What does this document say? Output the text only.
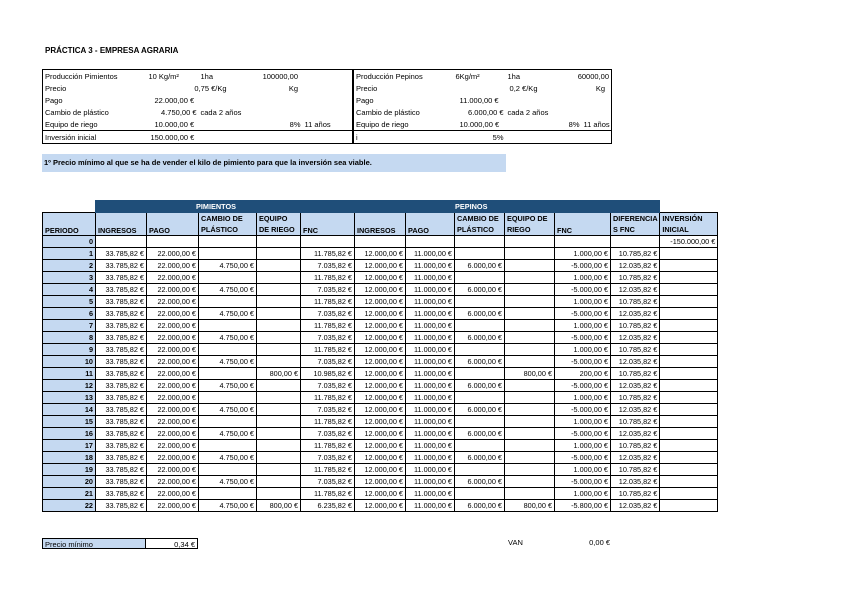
PRÁCTICA 3 - EMPRESA AGRARIA
Producción Pimientos	10 Kg/m²	1ha	100000,00	
Precio	0,75 €/Kg		Kg	
Pago	22.000,00 €			
Cambio de plástico	4.750,00 €	cada 2 años		
Equipo de riego	10.000,00 €		8%	11 años
Inversión inicial	150.000,00 €			
Producción Pepinos	6Kg/m²	1ha	60000,00	
Precio	0,2 €/Kg		Kg	
Pago	11.000,00 €			
Cambio de plástico	6.000,00 €	cada 2 años		
Equipo de riego	10.000,00 €		8%	11 años
i	5%			
1º Precio mínimo al que se ha de vender el kilo de pimiento para que la inversión sea viable.
	PIMIENTOS					PEPINOS						
PERIODO	INGRESOS	PAGO	CAMBIO DE PLÁSTICO	EQUIPO DE RIEGO	FNC	INGRESOS	PAGO	CAMBIO DE PLÁSTICO	EQUIPO DE RIEGO	FNC	DIFERENCIA S FNC	INVERSIÓN INICIAL

0												-150.000,00 €
1	33.785,82 €	22.000,00 €			11.785,82 €	12.000,00 €	11.000,00 €			1.000,00 €	10.785,82 €	
2	33.785,82 €	22.000,00 €	4.750,00 €		7.035,82 €	12.000,00 €	11.000,00 €	6.000,00 €		-5.000,00 €	12.035,82 €	
3	33.785,82 €	22.000,00 €			11.785,82 €	12.000,00 €	11.000,00 €			1.000,00 €	10.785,82 €	
4	33.785,82 €	22.000,00 €	4.750,00 €		7.035,82 €	12.000,00 €	11.000,00 €	6.000,00 €		-5.000,00 €	12.035,82 €	
5	33.785,82 €	22.000,00 €			11.785,82 €	12.000,00 €	11.000,00 €			1.000,00 €	10.785,82 €	
6	33.785,82 €	22.000,00 €	4.750,00 €		7.035,82 €	12.000,00 €	11.000,00 €	6.000,00 €		-5.000,00 €	12.035,82 €	
7	33.785,82 €	22.000,00 €			11.785,82 €	12.000,00 €	11.000,00 €			1.000,00 €	10.785,82 €	
8	33.785,82 €	22.000,00 €	4.750,00 €		7.035,82 €	12.000,00 €	11.000,00 €	6.000,00 €		-5.000,00 €	12.035,82 €	
9	33.785,82 €	22.000,00 €			11.785,82 €	12.000,00 €	11.000,00 €			1.000,00 €	10.785,82 €	
10	33.785,82 €	22.000,00 €	4.750,00 €		7.035,82 €	12.000,00 €	11.000,00 €	6.000,00 €		-5.000,00 €	12.035,82 €	
11	33.785,82 €	22.000,00 €		800,00 €	10.985,82 €	12.000,00 €	11.000,00 €		800,00 €	200,00 €	10.785,82 €	
12	33.785,82 €	22.000,00 €	4.750,00 €		7.035,82 €	12.000,00 €	11.000,00 €	6.000,00 €		-5.000,00 €	12.035,82 €	
13	33.785,82 €	22.000,00 €			11.785,82 €	12.000,00 €	11.000,00 €			1.000,00 €	10.785,82 €	
14	33.785,82 €	22.000,00 €	4.750,00 €		7.035,82 €	12.000,00 €	11.000,00 €	6.000,00 €		-5.000,00 €	12.035,82 €	
15	33.785,82 €	22.000,00 €			11.785,82 €	12.000,00 €	11.000,00 €			1.000,00 €	10.785,82 €	
16	33.785,82 €	22.000,00 €	4.750,00 €		7.035,82 €	12.000,00 €	11.000,00 €	6.000,00 €		-5.000,00 €	12.035,82 €	
17	33.785,82 €	22.000,00 €			11.785,82 €	12.000,00 €	11.000,00 €			1.000,00 €	10.785,82 €	
18	33.785,82 €	22.000,00 €	4.750,00 €		7.035,82 €	12.000,00 €	11.000,00 €	6.000,00 €		-5.000,00 €	12.035,82 €	
19	33.785,82 €	22.000,00 €			11.785,82 €	12.000,00 €	11.000,00 €			1.000,00 €	10.785,82 €	
20	33.785,82 €	22.000,00 €	4.750,00 €		7.035,82 €	12.000,00 €	11.000,00 €	6.000,00 €		-5.000,00 €	12.035,82 €	
21	33.785,82 €	22.000,00 €			11.785,82 €	12.000,00 €	11.000,00 €			1.000,00 €	10.785,82 €	
22	33.785,82 €	22.000,00 €	4.750,00 €	800,00 €	6.235,82 €	12.000,00 €	11.000,00 €	6.000,00 €	800,00 €	-5.800,00 €	12.035,82 €	
Precio mínimo	0,34 €	VAN	0,00 €
